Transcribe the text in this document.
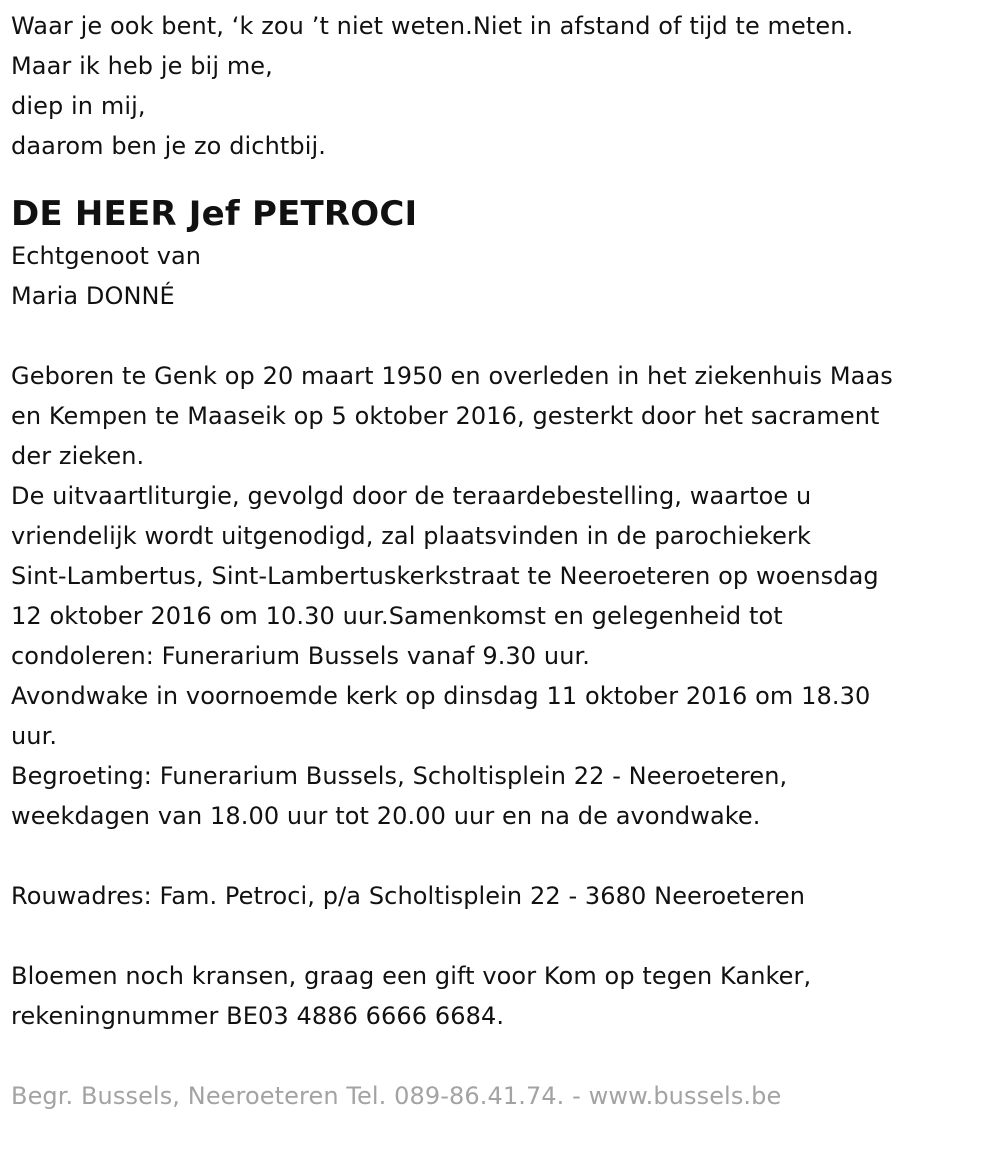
Waar je ook bent, ‘k zou ’t niet weten.Niet in afstand of tijd te meten.
Maar ik heb je bij me,
diep in mij,
daarom ben je zo dichtbij.
DE HEER Jef PETROCI
Echtgenoot van
Maria DONNÉ
Geboren te Genk op 20 maart 1950 en overleden in het ziekenhuis Maas
en Kempen te Maaseik op 5 oktober 2016, gesterkt door het sacrament
der zieken.
De uitvaartliturgie, gevolgd door de teraardebestelling, waartoe u
vriendelijk wordt uitgenodigd, zal plaatsvinden in de parochiekerk
Sint-Lambertus, Sint-Lambertuskerkstraat te Neeroeteren op woensdag
12 oktober 2016 om 10.30 uur.Samenkomst en gelegenheid tot
condoleren: Funerarium Bussels vanaf 9.30 uur.
Avondwake in voornoemde kerk op dinsdag 11 oktober 2016 om 18.30
uur.
Begroeting: Funerarium Bussels, Scholtisplein 22 - Neeroeteren,
weekdagen van 18.00 uur tot 20.00 uur en na de avondwake.
Rouwadres: Fam. Petroci, p/a Scholtisplein 22 - 3680 Neeroeteren
Bloemen noch kransen, graag een gift voor Kom op tegen Kanker,
rekeningnummer BE03 4886 6666 6684.
Begr. Bussels, Neeroeteren Tel. 089-86.41.74. - www.bussels.be
